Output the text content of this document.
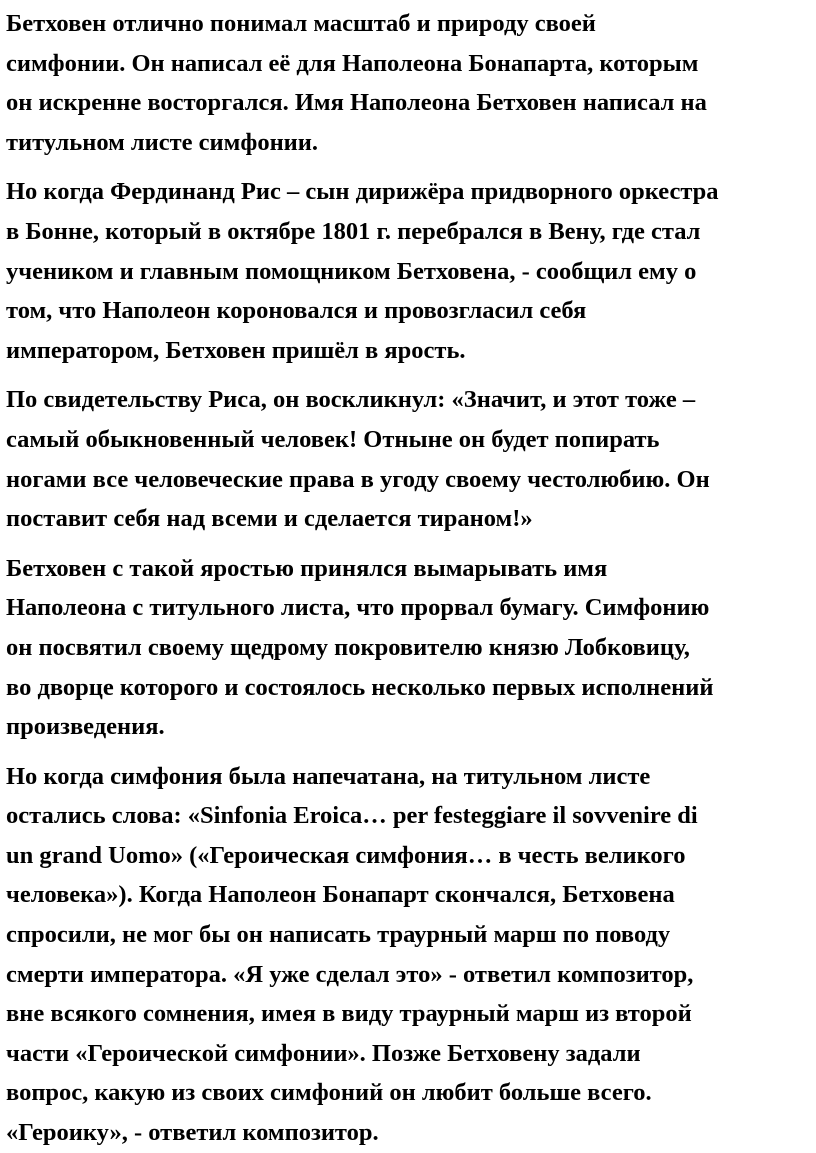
Бетховен отлично понимал масштаб и природу своей
симфонии. Он написал её для Наполеона Бонапарта, которым
он искренне восторгался. Имя Наполеона Бетховен написал на
титульном листе симфонии.

Но когда Фердинанд Рис – сын дирижёра придворного оркестра
в Бонне, который в октябре 1801 г. перебрался в Вену, где стал
учеником и главным помощником Бетховена, - сообщил ему о
том, что Наполеон короновался и провозгласил себя
императором, Бетховен пришёл в ярость.

По свидетельству Риса, он воскликнул: «Значит, и этот тоже –
самый обыкновенный человек! Отныне он будет попирать
ногами все человеческие права в угоду своему честолюбию. Он
поставит себя над всеми и сделается тираном!»

Бетховен с такой яростью принялся вымарывать имя
Наполеона с титульного листа, что прорвал бумагу. Симфонию
он посвятил своему щедрому покровителю князю Лобковицу,
во дворце которого и состоялось несколько первых исполнений
произведения.

Но когда симфония была напечатана, на титульном листе
остались слова: «Sinfonia Eroica… per festeggiare il sovvenire di
un grand Uomo» («Героическая симфония… в честь великого
человека»). Когда Наполеон Бонапарт скончался, Бетховена
спросили, не мог бы он написать траурный марш по поводу
смерти императора. «Я уже сделал это» - ответил композитор,
вне всякого сомнения, имея в виду траурный марш из второй
части «Героической симфонии». Позже Бетховену задали
вопрос, какую из своих симфоний он любит больше всего.
«Героику», - ответил композитор.
